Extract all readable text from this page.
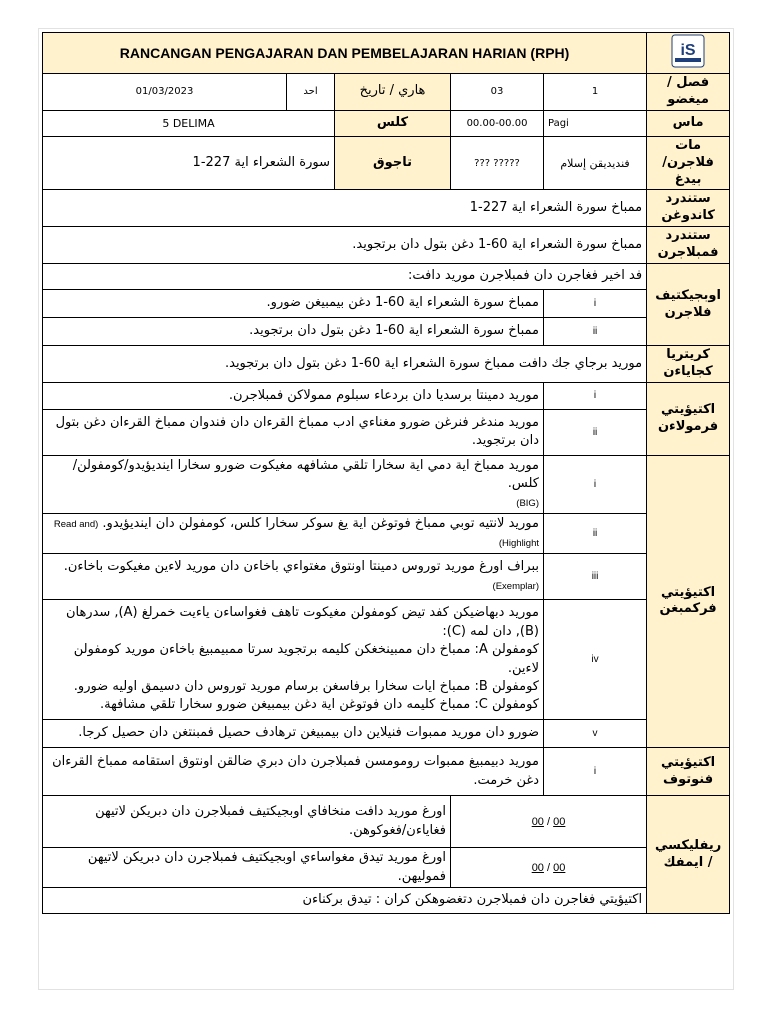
RANCANGAN PENGAJARAN DAN PEMBELAJARAN HARIAN (RPH)					iS

01/03/2023	احد	هاري / تاريخ	03	1	فصل / ميغضو
5 DELIMA		كلس	00.00-00.00	Pagi	ماس
سورة الشعراء اية 227-1		تاجوق	??? ?????	فنديديقن إسلام	مات فلاجرن/ بيدغ
ممباخ سورة الشعراء اية 227-1					ستندرد كاندوغن
ممباخ سورة الشعراء اية 60-1 دغن بتول دان برتجويد.					ستندرد فمبلاجرن
فد اخير فغاجرن دان فمبلاجرن موريد دافت:					اوبجيكتيف فلاجرن
ممباخ سورة الشعراء اية 60-1 دغن بيمبيغن ضورو.				i	
ممباخ سورة الشعراء اية 60-1 دغن بتول دان برتجويد.				ii	
موريد برجاي جك دافت ممباخ سورة الشعراء اية 60-1 دغن بتول دان برتجويد.					كريتريا كجاياءن
موريد دمينتا برسديا دان بردعاء سبلوم ممولاكن فمبلاجرن.				i	اكتيؤيتي فرمولاءن
موريد مندغر فنرغن ضورو مغناءي ادب ممباخ القرءان دان فندوان ممباخ القرءان دغن بتول دان برتجويد.				ii	
موريد ممباخ اية دمي اية سخارا تلقي مشافهه مغيكوت ضورو سخارا اينديؤيدو/كومفولن/كلس.
(BIG)				i	اكتيؤيتي فركمبغن
موريد لانتيه توبي ممباخ فوتوغن اية يغ سوكر سخارا كلس، كومفولن دان اينديؤيدو. (Read and Highlight)				ii	
ببراف اورغ موريد توروس دمينتا اونتوق مغتواءي باخاءن دان موريد لاءين مغيكوت باخاءن.
(Exemplar)				iii	

موريد دبهاضيكن كفد تيض كومفولن مغيكوت تاهف فغواساءن ياءيت خمرلغ (A), سدرهان (B), دان لمه (C):
كومفولن A: ممباخ دان ممبينخغكن كليمه برتجويد سرتا ممبيمبيغ باخاءن موريد كومفولن لاءين.
كومفولن B: ممباخ ايات سخارا برفاسغن برسام موريد توروس دان دسيمق اوليه ضورو.
كومفولن C: ممباخ كليمه دان فوتوغن اية دغن بيمبيغن ضورو سخارا تلقي مشافهة.				iv	
ضورو دان موريد ممبوات فنيلاين دان بيمبيغن ترهادف حصيل فمبنتغن دان حصيل كرجا.				v	
موريد دبيمبيغ ممبوات رومومسن فمبلاجرن دان دبري ضالقن اونتوق استقامه ممباخ القرءان دغن خرمت.				i	اكتيؤيتي فنوتوف
اورغ موريد دافت منخافاي اوبجيكتيف فمبلاجرن دان دبريكن لاتيهن فغاياءن/فغوكوهن.			00 / 00		ريفليكسي / ايمفك
اورغ موريد تيدق مغواساءي اوبجيكتيف فمبلاجرن دان دبريكن لاتيهن فموليهن.			00 / 00		
اكتيؤيتي فغاجرن دان فمبلاجرن دتغضوهكن كران : تيدق بركناءن					
